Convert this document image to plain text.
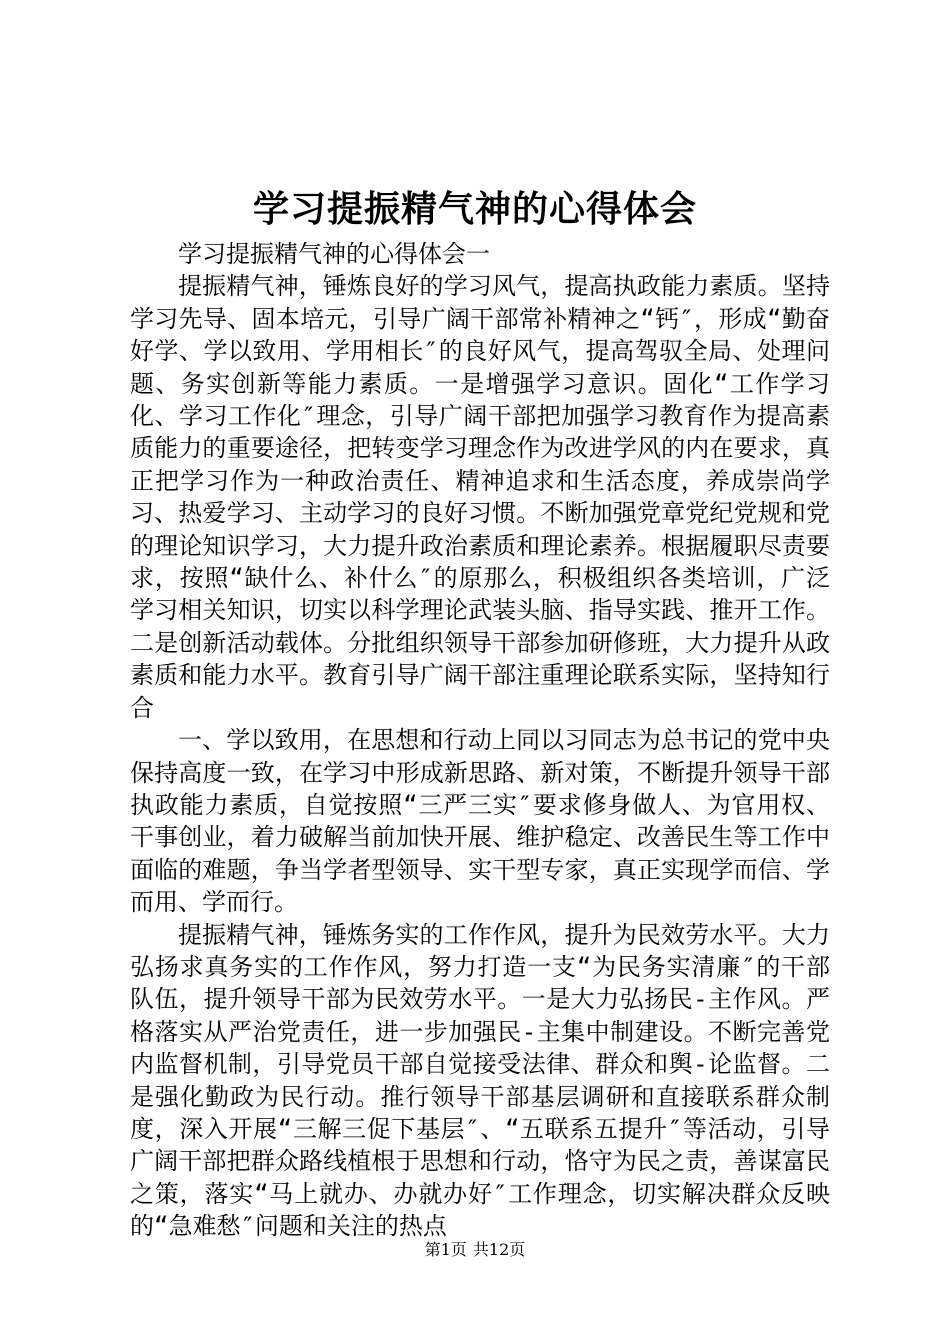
学习提振精气神的心得体会

学习提振精气神的心得体会一

提振精气神，锤炼良好的学习风气，提高执政能力素质。坚持学习先导、固本培元，引导广阔干部常补精神之“钙″，形成“勤奋好学、学以致用、学用相长″的良好风气，提高驾驭全局、处理问题、务实创新等能力素质。一是增强学习意识。固化“工作学习化、学习工作化″理念，引导广阔干部把加强学习教育作为提高素质能力的重要途径，把转变学习理念作为改进学风的内在要求，真正把学习作为一种政治责任、精神追求和生活态度，养成崇尚学习、热爱学习、主动学习的良好习惯。不断加强党章党纪党规和党的理论知识学习，大力提升政治素质和理论素养。根据履职尽责要求，按照“缺什么、补什么″的原那么，积极组织各类培训，广泛学习相关知识，切实以科学理论武装头脑、指导实践、推开工作。二是创新活动载体。分批组织领导干部参加研修班，大力提升从政素质和能力水平。教育引导广阔干部注重理论联系实际，坚持知行合

一、学以致用，在思想和行动上同以习同志为总书记的党中央保持高度一致，在学习中形成新思路、新对策，不断提升领导干部执政能力素质，自觉按照“三严三实″要求修身做人、为官用权、干事创业，着力破解当前加快开展、维护稳定、改善民生等工作中面临的难题，争当学者型领导、实干型专家，真正实现学而信、学而用、学而行。

提振精气神，锤炼务实的工作作风，提升为民效劳水平。大力弘扬求真务实的工作作风，努力打造一支“为民务实清廉″的干部队伍，提升领导干部为民效劳水平。一是大力弘扬民-主作风。严格落实从严治党责任，进一步加强民-主集中制建设。不断完善党内监督机制，引导党员干部自觉接受法律、群众和舆-论监督。二是强化勤政为民行动。推行领导干部基层调研和直接联系群众制度，深入开展“三解三促下基层″、“五联系五提升″等活动，引导广阔干部把群众路线植根于思想和行动，恪守为民之责，善谋富民之策，落实“马上就办、办就办好″工作理念，切实解决群众反映的“急难愁″问题和关注的热点

第1页 共12页
